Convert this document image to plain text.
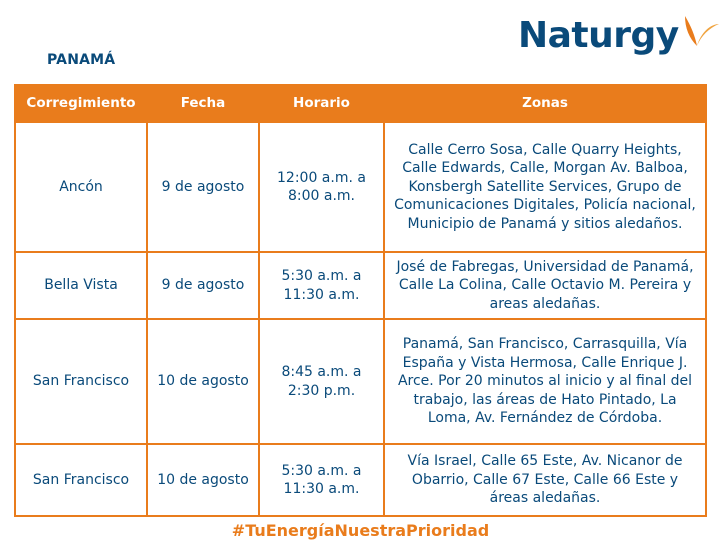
PANAMÁ
Naturgy
Corregimiento	Fecha	Horario	Zonas
Ancón	9 de agosto	12:00 a.m. a 8:00 a.m.	Calle Cerro Sosa, Calle Quarry Heights, Calle Edwards, Calle, Morgan Av. Balboa, Konsbergh Satellite Services, Grupo de Comunicaciones Digitales, Policía nacional, Municipio de Panamá y sitios aledaños.
Bella Vista	9 de agosto	5:30 a.m. a 11:30 a.m.	José de Fabregas, Universidad de Panamá, Calle La Colina, Calle Octavio M. Pereira y areas aledañas.
San Francisco	10 de agosto	8:45 a.m. a 2:30 p.m.	Panamá, San Francisco, Carrasquilla, Vía España y Vista Hermosa, Calle Enrique J. Arce. Por 20 minutos al inicio y al final del trabajo, las áreas de Hato Pintado, La Loma, Av. Fernández de Córdoba.
San Francisco	10 de agosto	5:30 a.m. a 11:30 a.m.	Vía Israel, Calle 65 Este, Av. Nicanor de Obarrio, Calle 67 Este, Calle 66 Este y áreas aledañas.
#TuEnergíaNuestraPrioridad
